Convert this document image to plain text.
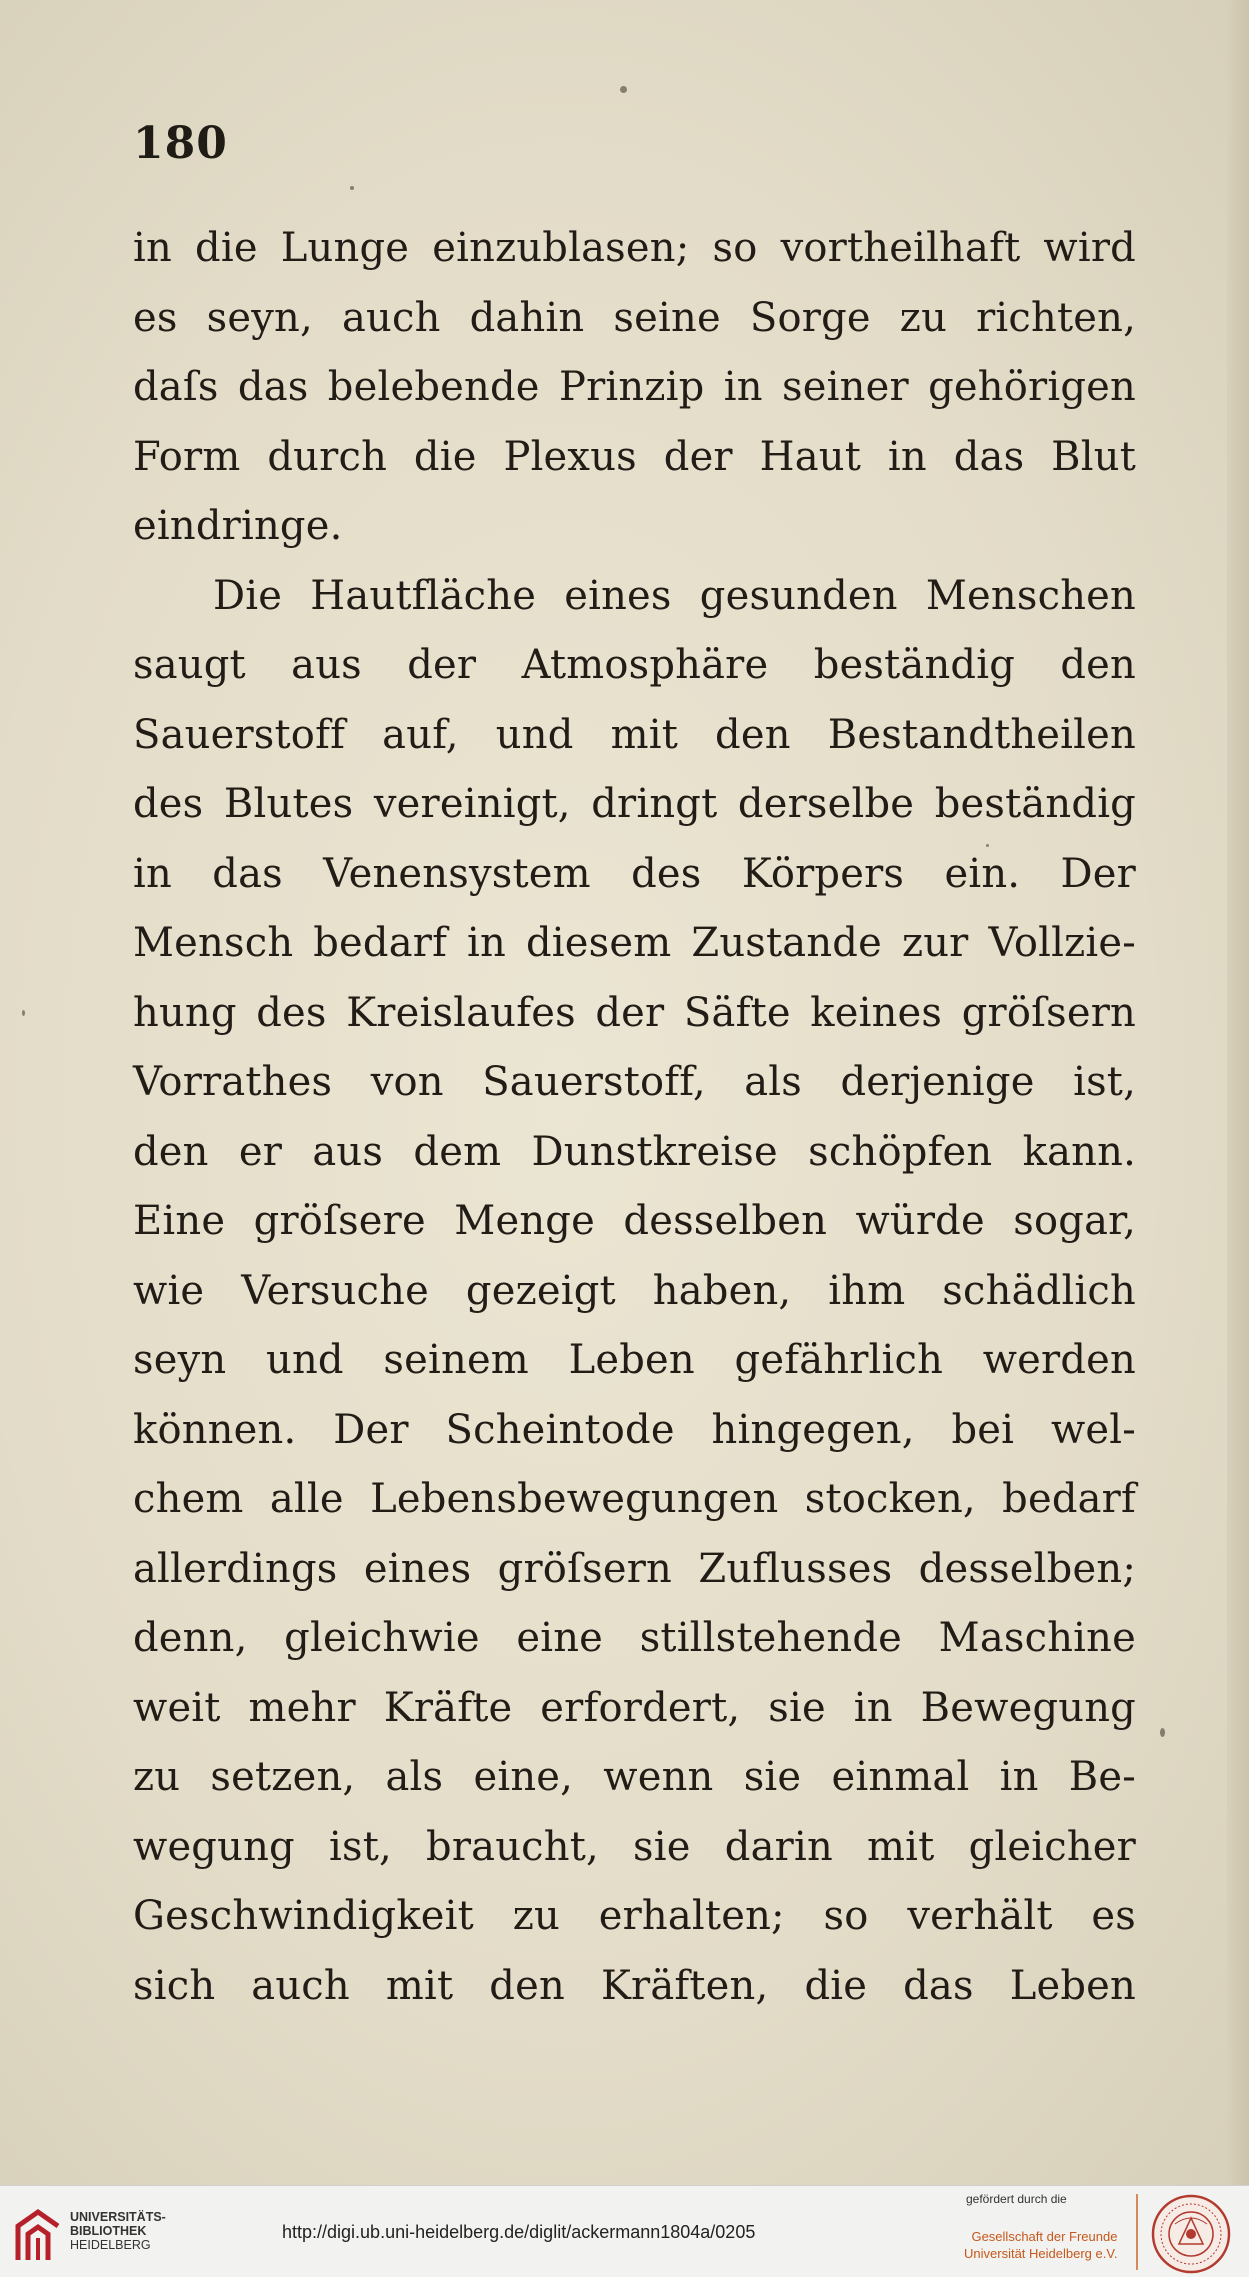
180
in die Lunge einzublasen; so vortheilhaft wird
es seyn, auch dahin seine Sorge zu richten,
daſs das belebende Prinzip in seiner gehörigen
Form durch die Plexus der Haut in das Blut
eindringe.
Die Hautfläche eines gesunden Menschen
saugt aus der Atmosphäre beständig den
Sauerstoff auf, und mit den Bestandtheilen
des Blutes vereinigt, dringt derselbe beständig
in das Venensystem des Körpers ein. Der
Mensch bedarf in diesem Zustande zur Vollzie-
hung des Kreislaufes der Säfte keines gröſsern
Vorrathes von Sauerstoff, als derjenige ist,
den er aus dem Dunstkreise schöpfen kann.
Eine gröſsere Menge desselben würde sogar,
wie Versuche gezeigt haben, ihm schädlich
seyn und seinem Leben gefährlich werden
können. Der Scheintode hingegen, bei wel-
chem alle Lebensbewegungen stocken, bedarf
allerdings eines gröſsern Zuflusses desselben;
denn, gleichwie eine stillstehende Maschine
weit mehr Kräfte erfordert, sie in Bewegung
zu setzen, als eine, wenn sie einmal in Be-
wegung ist, braucht, sie darin mit gleicher
Geschwindigkeit zu erhalten; so verhält es
sich auch mit den Kräften, die das Leben
UNIVERSITÄTS-
BIBLIOTHEK
HEIDELBERG
http://digi.ub.uni-heidelberg.de/diglit/ackermann1804a/0205
gefördert durch die
Gesellschaft der Freunde
Universität Heidelberg e.V.
